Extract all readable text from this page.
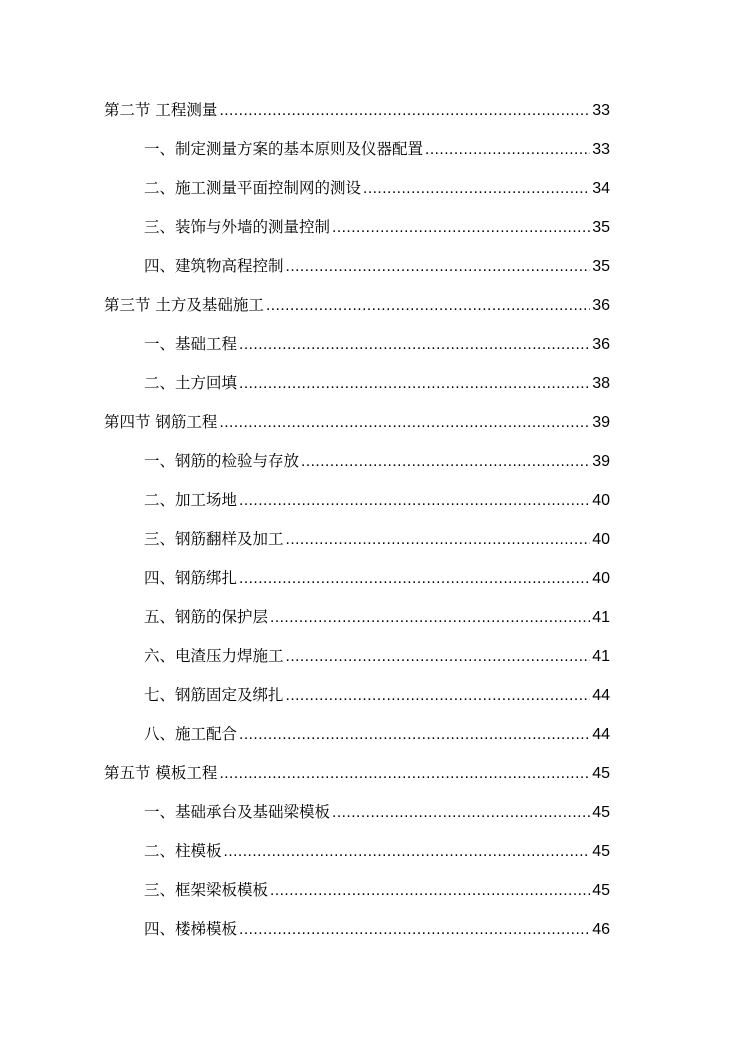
第二节 工程测量 .....	33
一、制定测量方案的基本原则及仪器配置 .....	33
二、施工测量平面控制网的测设 .....	34
三、装饰与外墙的测量控制 .....	35
四、建筑物高程控制 .....	35
第三节 土方及基础施工 .....	36
一、基础工程 .....	36
二、土方回填 .....	38
第四节 钢筋工程 .....	39
一、钢筋的检验与存放 .....	39
二、加工场地 .....	40
三、钢筋翻样及加工 .....	40
四、钢筋绑扎 .....	40
五、钢筋的保护层 .....	41
六、电渣压力焊施工 .....	41
七、钢筋固定及绑扎 .....	44
八、施工配合 .....	44
第五节 模板工程 .....	45
一、基础承台及基础梁模板 .....	45
二、柱模板 .....	45
三、框架梁板模板 .....	45
四、楼梯模板 .....	46
